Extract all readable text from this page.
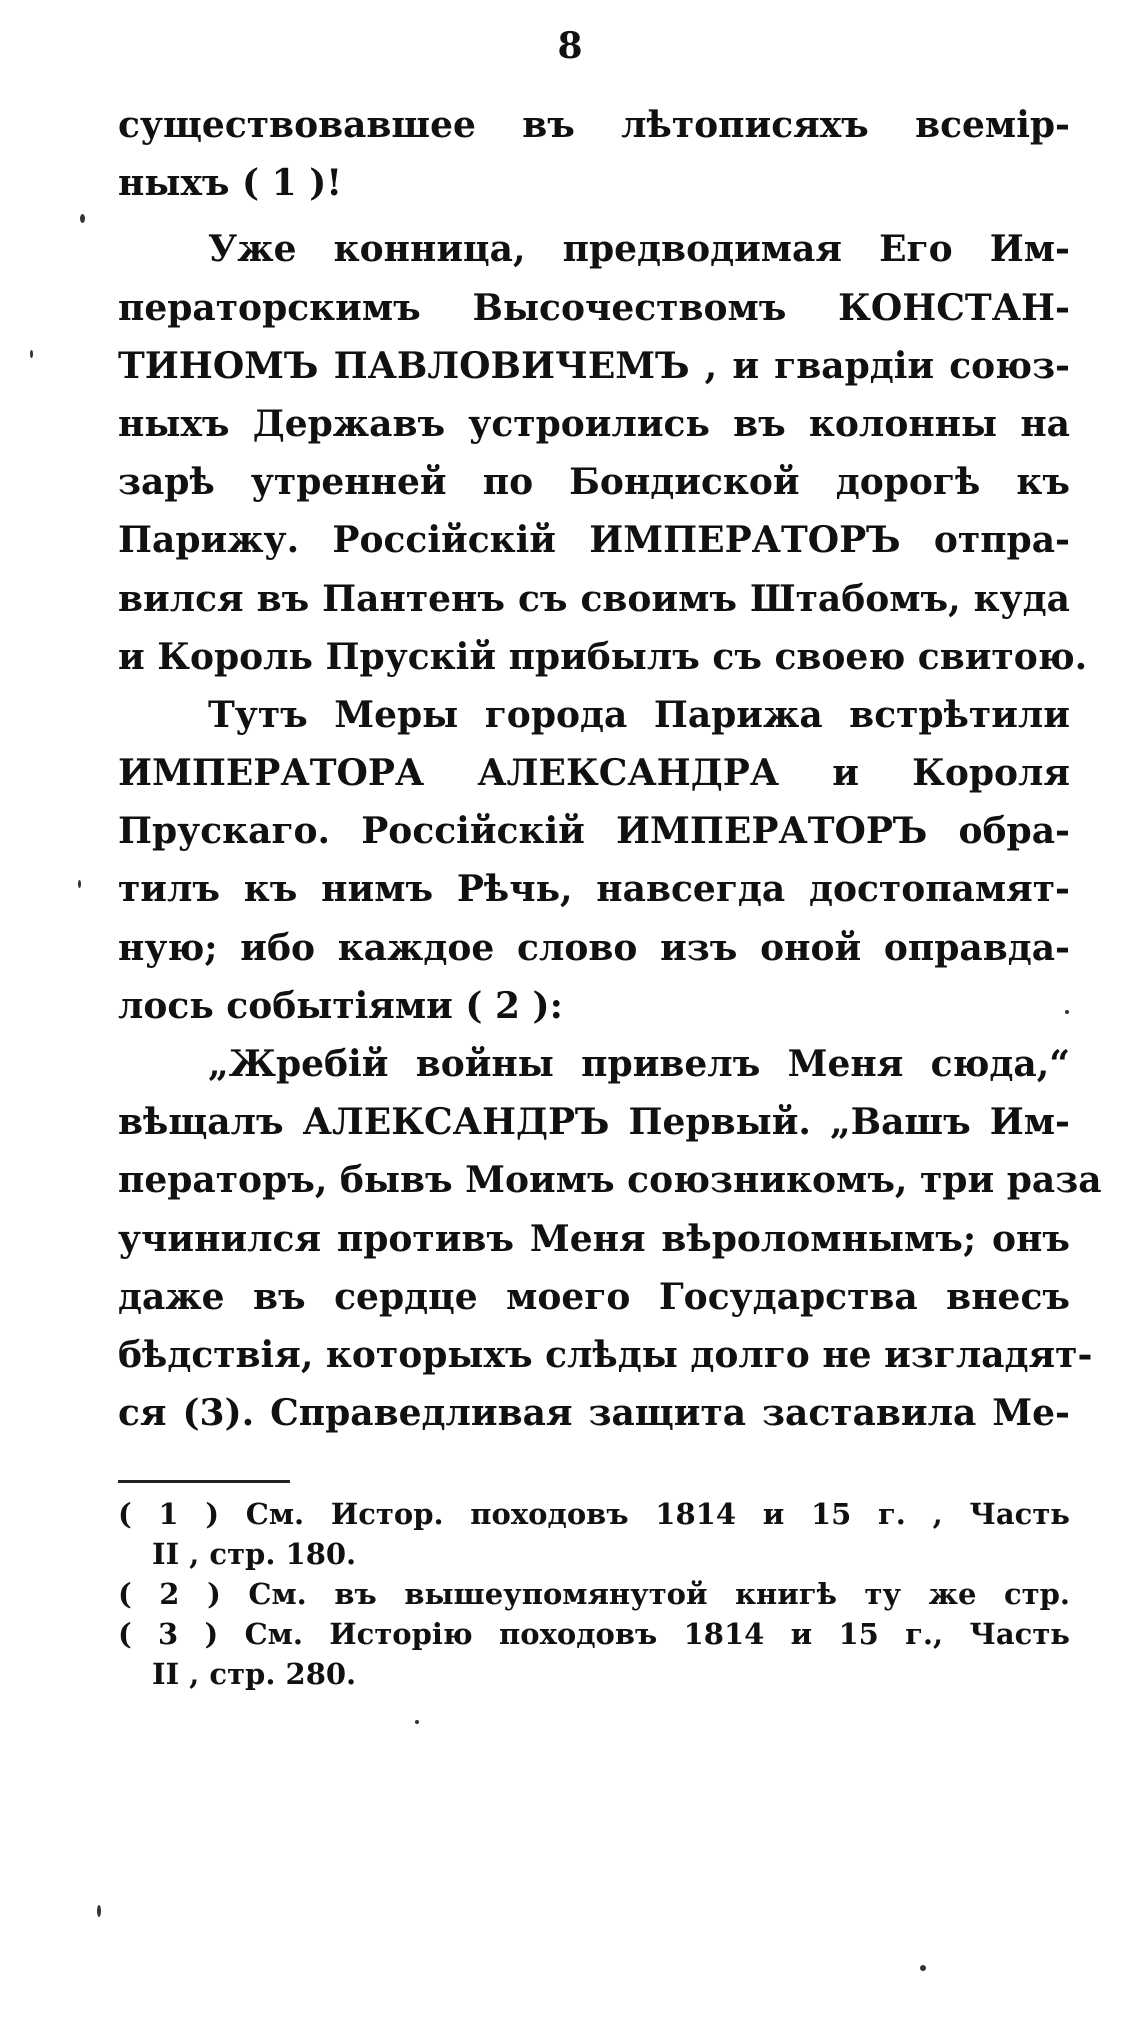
8
существовавшее въ лѣтописяхъ всемір-
ныхъ ( 1 )!
Уже конница, предводимая Его Им-
ператорскимъ Высочествомъ КОНСТАН-
ТИНОМЪ ПАВЛОВИЧЕМЪ , и гвардіи союз-
ныхъ Державъ устроились въ колонны на
зарѣ утренней по Бондиской дорогѣ къ
Парижу. Россійскій ИМПЕРАТОРЪ отпра-
вился въ Пантенъ съ своимъ Штабомъ, куда
и Король Прускій прибылъ съ своею свитою.
Тутъ Меры города Парижа встрѣтили
ИМПЕРАТОРА АЛЕКСАНДРА и Короля
Прускаго. Россійскій ИМПЕРАТОРЪ обра-
тилъ къ нимъ Рѣчь, навсегда достопамят-
ную; ибо каждое слово изъ оной оправда-
лось событіями ( 2 ):
„Жребій войны привелъ Меня сюда,“
вѣщалъ АЛЕКСАНДРЪ Первый. „Вашъ Им-
ператоръ, бывъ Моимъ союзникомъ, три раза
учинился противъ Меня вѣроломнымъ; онъ
даже въ сердце моего Государства внесъ
бѣдствія, которыхъ слѣды долго не изгладят-
ся (3). Справедливая защита заставила Ме-
( 1 ) См. Истор. походовъ 1814 и 15 г. , Часть
II , стр. 180.
( 2 ) См. въ вышеупомянутой книгѣ ту же стр.
( 3 ) См. Исторію походовъ 1814 и 15 г., Часть
II , стр. 280.
